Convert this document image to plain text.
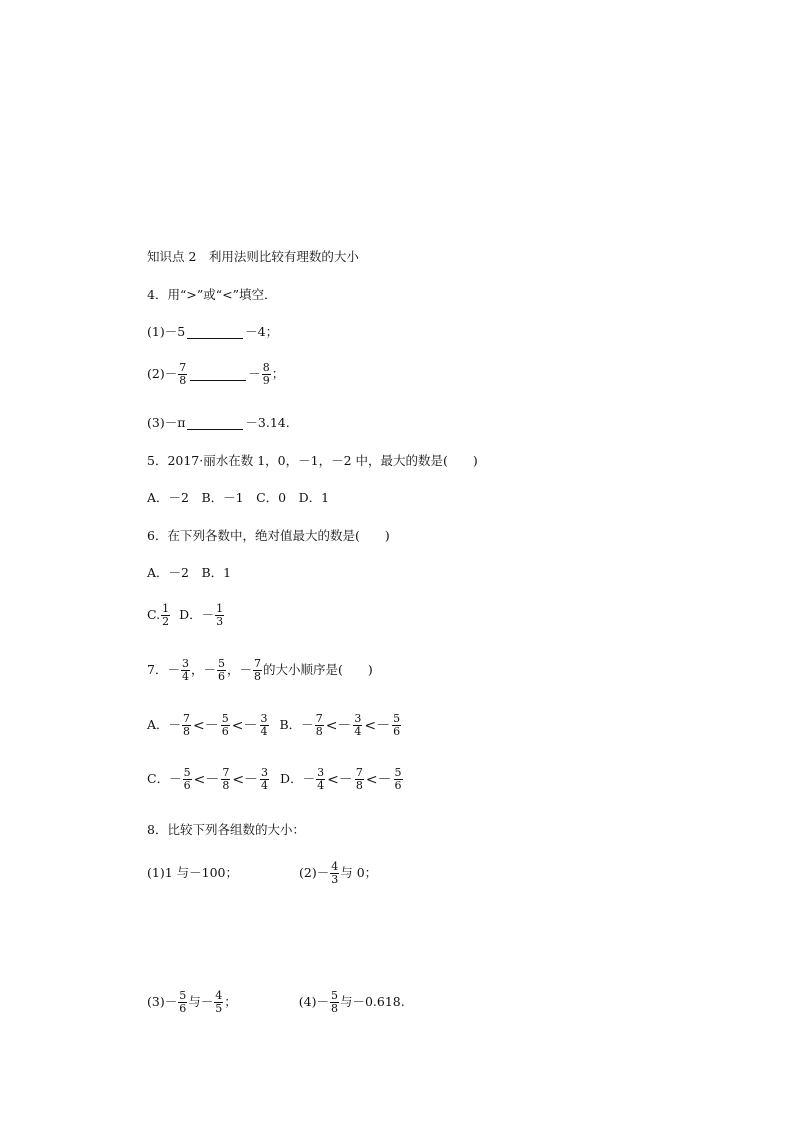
知识点 2　利用法则比较有理数的大小
4．用“>”或“<”填空．
(1)－5	－4；
$(2)- \frac{7}{8}$	－ $\frac{8}{9}$ ；
(3)－π	－3.14.
5．2017·丽水在数 1，0，－1，－2 中，最大的数是(　　)
A．－2　B．－1　C．0　D．1
6．在下列各数中，绝对值最大的数是(　　)
A．－2　B．1
C. $\frac{1}{2}$ D．－ $\frac{1}{3}$
7．－ $\frac{3}{4}$ ，－ $\frac{5}{6}$ ，－ $\frac{7}{8}$ 的大小顺序是(　　)
A．－ $\frac{7}{8} <- \frac{5}{6} <- \frac{3}{4}$ B．－ $\frac{7}{8} <- \frac{3}{4} <- \frac{5}{6}$
C．－ $\frac{5}{6} <- \frac{7}{8} <- \frac{3}{4}$ D．－ $\frac{3}{4} <- \frac{7}{8} <- \frac{5}{6}$
8．比较下列各组数的大小：
(1)1 与－100；	$(2)- \frac{4}{3}$ 与 0；
$(3)- \frac{5}{6}$ 与－ $\frac{4}{5}$ ；	$(4)- \frac{5}{8}$ 与－0.618.
